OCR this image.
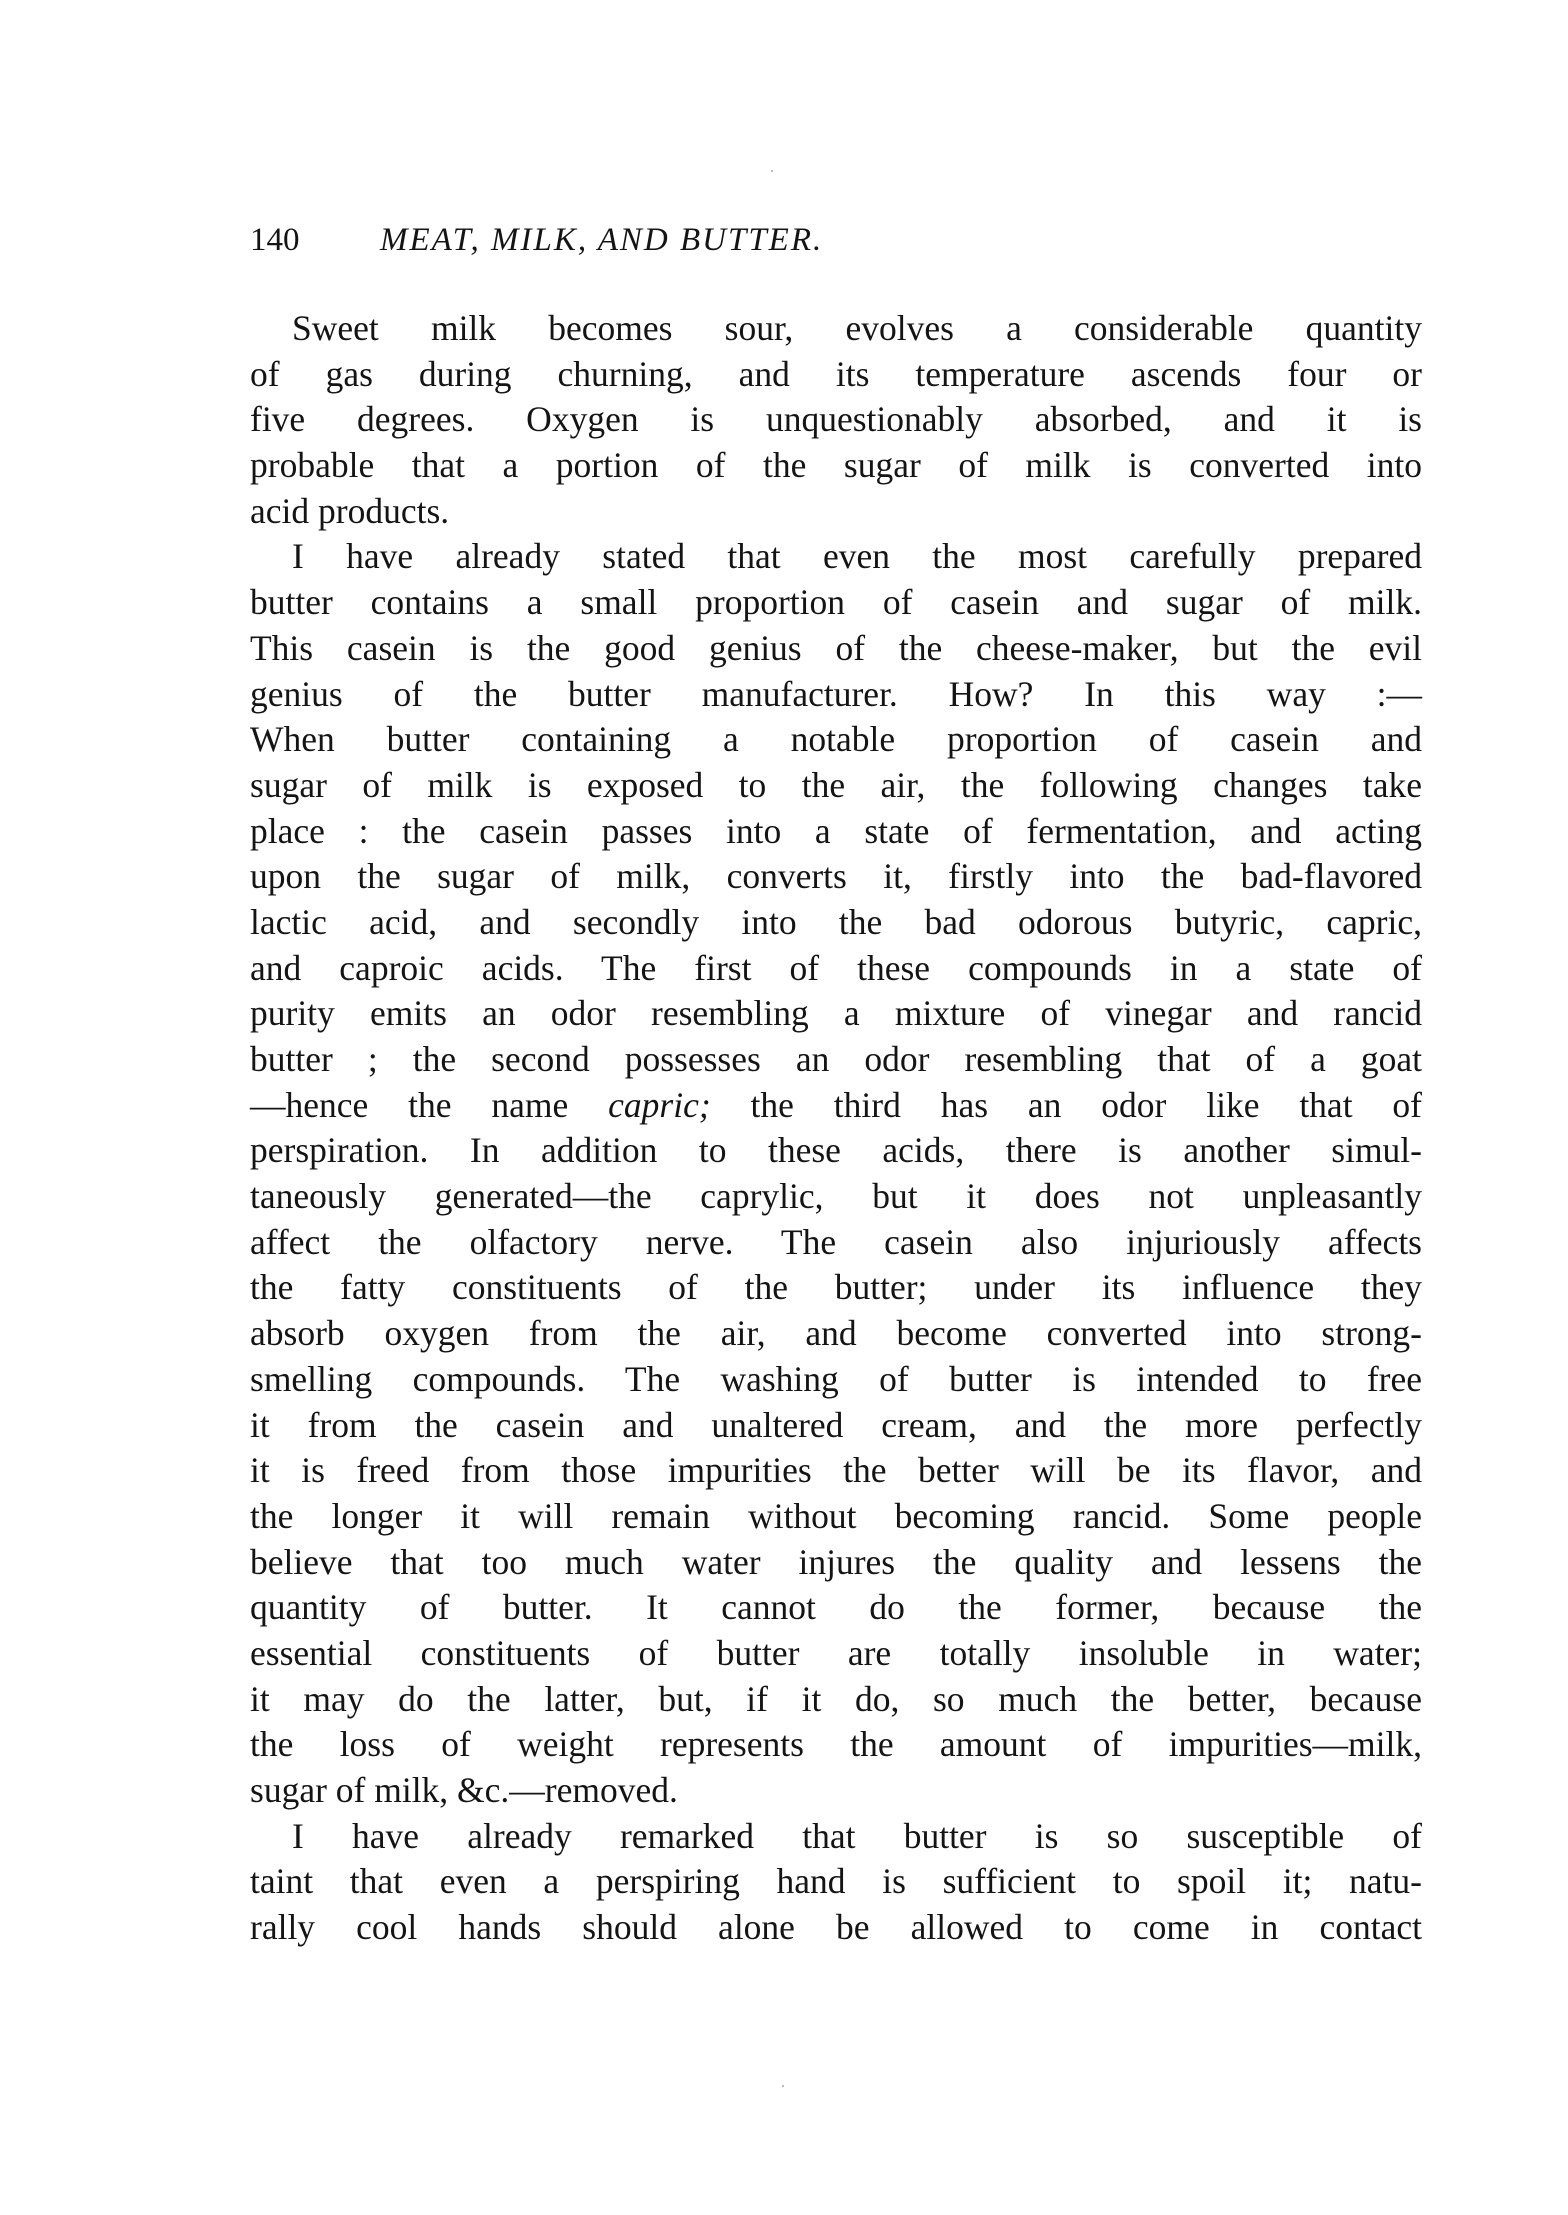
140 MEAT, MILK, AND BUTTER.
Sweet milk becomes sour, evolves a considerable quantity
of gas during churning, and its temperature ascends four or
five degrees. Oxygen is unquestionably absorbed, and it is
probable that a portion of the sugar of milk is converted into
acid products.
I have already stated that even the most carefully prepared
butter contains a small proportion of casein and sugar of milk.
This casein is the good genius of the cheese-maker, but the evil
genius of the butter manufacturer. How? In this way :—
When butter containing a notable proportion of casein and
sugar of milk is exposed to the air, the following changes take
place : the casein passes into a state of fermentation, and acting
upon the sugar of milk, converts it, firstly into the bad-flavored
lactic acid, and secondly into the bad odorous butyric, capric,
and caproic acids. The first of these compounds in a state of
purity emits an odor resembling a mixture of vinegar and rancid
butter ; the second possesses an odor resembling that of a goat
—hence the name capric; the third has an odor like that of
perspiration. In addition to these acids, there is another simul-
taneously generated—the caprylic, but it does not unpleasantly
affect the olfactory nerve. The casein also injuriously affects
the fatty constituents of the butter; under its influence they
absorb oxygen from the air, and become converted into strong-
smelling compounds. The washing of butter is intended to free
it from the casein and unaltered cream, and the more perfectly
it is freed from those impurities the better will be its flavor, and
the longer it will remain without becoming rancid. Some people
believe that too much water injures the quality and lessens the
quantity of butter. It cannot do the former, because the
essential constituents of butter are totally insoluble in water;
it may do the latter, but, if it do, so much the better, because
the loss of weight represents the amount of impurities—milk,
sugar of milk, &c.—removed.
I have already remarked that butter is so susceptible of
taint that even a perspiring hand is sufficient to spoil it; natu-
rally cool hands should alone be allowed to come in contact
